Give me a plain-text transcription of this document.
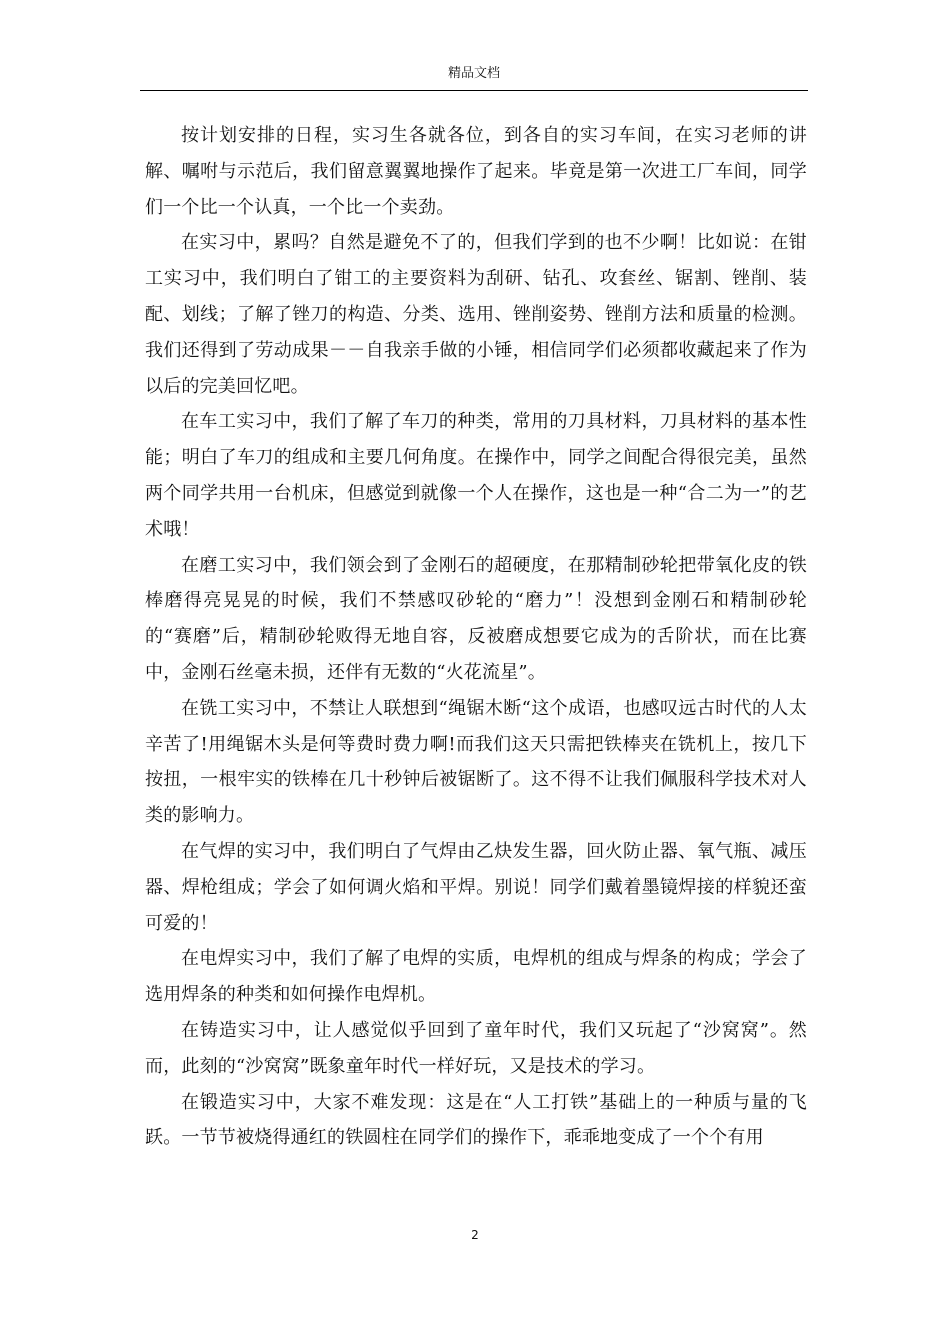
精品文档

按计划安排的日程，实习生各就各位，到各自的实习车间，在实习老师的讲解、嘱咐与示范后，我们留意翼翼地操作了起来。毕竟是第一次进工厂车间，同学们一个比一个认真，一个比一个卖劲。

在实习中，累吗？自然是避免不了的，但我们学到的也不少啊！比如说：在钳工实习中，我们明白了钳工的主要资料为刮研、钻孔、攻套丝、锯割、锉削、装配、划线；了解了锉刀的构造、分类、选用、锉削姿势、锉削方法和质量的检测。我们还得到了劳动成果－－自我亲手做的小锤，相信同学们必须都收藏起来了作为以后的完美回忆吧。

在车工实习中，我们了解了车刀的种类，常用的刀具材料，刀具材料的基本性能；明白了车刀的组成和主要几何角度。在操作中，同学之间配合得很完美，虽然两个同学共用一台机床，但感觉到就像一个人在操作，这也是一种“合二为一”的艺术哦！

在磨工实习中，我们领会到了金刚石的超硬度，在那精制砂轮把带氧化皮的铁棒磨得亮晃晃的时候，我们不禁感叹砂轮的“磨力”！没想到金刚石和精制砂轮的“赛磨”后，精制砂轮败得无地自容，反被磨成想要它成为的舌阶状，而在比赛中，金刚石丝毫未损，还伴有无数的“火花流星”。

在铣工实习中，不禁让人联想到“绳锯木断“这个成语，也感叹远古时代的人太辛苦了!用绳锯木头是何等费时费力啊!而我们这天只需把铁棒夹在铣机上，按几下按扭，一根牢实的铁棒在几十秒钟后被锯断了。这不得不让我们佩服科学技术对人类的影响力。

在气焊的实习中，我们明白了气焊由乙炔发生器，回火防止器、氧气瓶、减压器、焊枪组成；学会了如何调火焰和平焊。别说！同学们戴着墨镜焊接的样貌还蛮可爱的！

在电焊实习中，我们了解了电焊的实质，电焊机的组成与焊条的构成；学会了选用焊条的种类和如何操作电焊机。

在铸造实习中，让人感觉似乎回到了童年时代，我们又玩起了“沙窝窝”。然而，此刻的“沙窝窝”既象童年时代一样好玩，又是技术的学习。

在锻造实习中，大家不难发现：这是在“人工打铁”基础上的一种质与量的飞跃。一节节被烧得通红的铁圆柱在同学们的操作下，乖乖地变成了一个个有用

2
